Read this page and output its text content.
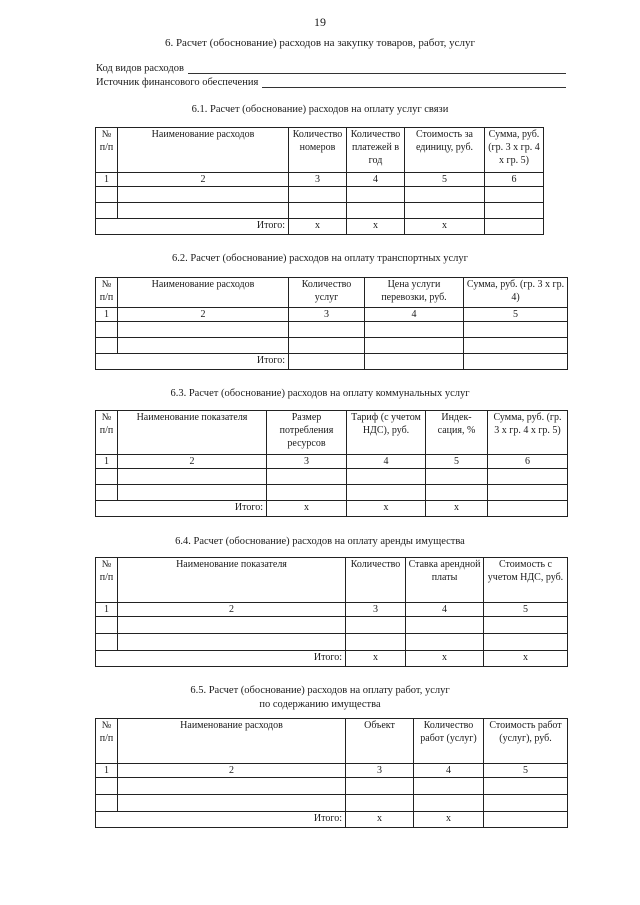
19
6. Расчет (обоснование) расходов на закупку товаров, работ, услуг
Код видов расходов
Источник финансового обеспечения
6.1. Расчет (обоснование) расходов на оплату услуг связи
№ п/п	Наименование расходов	Количество номеров	Количество платежей в год	Стоимость за единицу, руб.	Сумма, руб. (гр. 3 х гр. 4 х гр. 5)
1	2	3	4	5	6

Итого:		х	х	х	
6.2. Расчет (обоснование) расходов на оплату транспортных услуг
№ п/п	Наименование расходов	Количество услуг	Цена услуги перевозки, руб.	Сумма, руб. (гр. 3 х гр. 4)
1	2	3	4	5

Итого:				
6.3. Расчет (обоснование) расходов на оплату коммунальных услуг
№ п/п	Наименование показателя	Размер потребления ресурсов	Тариф (с учетом НДС), руб.	Индек- сация, %	Сумма, руб. (гр. 3 х гр. 4 х гр. 5)
1	2	3	4	5	6

Итого:		х	х	х	
6.4. Расчет (обоснование) расходов на оплату аренды имущества
№ п/п	Наименование показателя	Количество	Ставка арендной платы	Стоимость с учетом НДС, руб.
1	2	3	4	5

Итого:		х	х	х
6.5. Расчет (обоснование) расходов на оплату работ, услуг
по содержанию имущества
№ п/п	Наименование расходов	Объект	Количество работ (услуг)	Стоимость работ (услуг), руб.
1	2	3	4	5

Итого:		х	х	
